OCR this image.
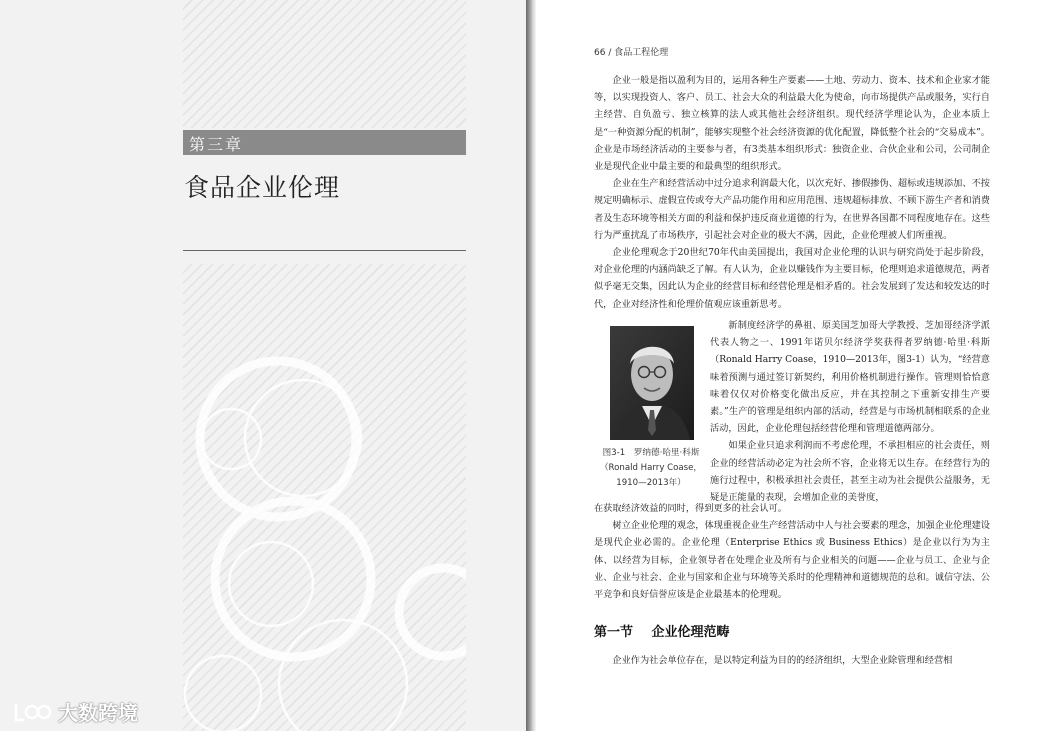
第三章
食品企业伦理
大数跨境
66 / 食品工程伦理

企业一般是指以盈利为目的，运用各种生产要素——土地、劳动力、资本、技术和企业家才能等，以实现投资人、客户、员工、社会大众的利益最大化为使命，向市场提供产品或服务，实行自主经营、自负盈亏、独立核算的法人或其他社会经济组织。现代经济学理论认为，企业本质上是“一种资源分配的机制”，能够实现整个社会经济资源的优化配置，降低整个社会的“交易成本”。企业是市场经济活动的主要参与者，有3类基本组织形式：独资企业、合伙企业和公司，公司制企业是现代企业中最主要的和最典型的组织形式。

企业在生产和经营活动中过分追求利润最大化，以次充好、掺假掺伪、超标或违规添加、不按规定明确标示、虚假宣传或夸大产品功能作用和应用范围、违规超标排放、不顾下游生产者和消费者及生态环境等相关方面的利益和保护违反商业道德的行为，在世界各国都不同程度地存在。这些行为严重扰乱了市场秩序，引起社会对企业的极大不满，因此，企业伦理被人们所重视。

企业伦理观念于20世纪70年代由美国提出，我国对企业伦理的认识与研究尚处于起步阶段，对企业伦理的内涵尚缺乏了解。有人认为，企业以赚钱作为主要目标，伦理则追求道德规范，两者似乎毫无交集，因此认为企业的经营目标和经营伦理是相矛盾的。社会发展到了发达和较发达的时代，企业对经济性和伦理价值观应该重新思考。

图3-1　罗纳德·哈里·科斯（Ronald Harry Coase，1910—2013年）

新制度经济学的鼻祖、原美国芝加哥大学教授、芝加哥经济学派代表人物之一、1991年诺贝尔经济学奖获得者罗纳德·哈里·科斯（Ronald Harry Coase，1910—2013年，图3-1）认为，“经营意味着预测与通过签订新契约，利用价格机制进行操作。管理则恰恰意味着仅仅对价格变化做出反应，并在其控制之下重新安排生产要素。”生产的管理是组织内部的活动，经营是与市场机制相联系的企业活动，因此，企业伦理包括经营伦理和管理道德两部分。

如果企业只追求利润而不考虑伦理，不承担相应的社会责任，则企业的经营活动必定为社会所不容，企业将无以生存。在经营行为的施行过程中，积极承担社会责任，甚至主动为社会提供公益服务，无疑是正能量的表现，会增加企业的美誉度，

在获取经济效益的同时，得到更多的社会认可。

树立企业伦理的观念，体现重视企业生产经营活动中人与社会要素的理念，加强企业伦理建设是现代企业必需的。企业伦理（Enterprise Ethics 或 Business Ethics）是企业以行为为主体、以经营为目标，企业领导者在处理企业及所有与企业相关的问题——企业与员工、企业与企业、企业与社会、企业与国家和企业与环境等关系时的伦理精神和道德规范的总和。诚信守法、公平竞争和良好信誉应该是企业最基本的伦理观。

第一节 企业伦理范畴

企业作为社会单位存在，是以特定利益为目的的经济组织，大型企业除管理和经营相
